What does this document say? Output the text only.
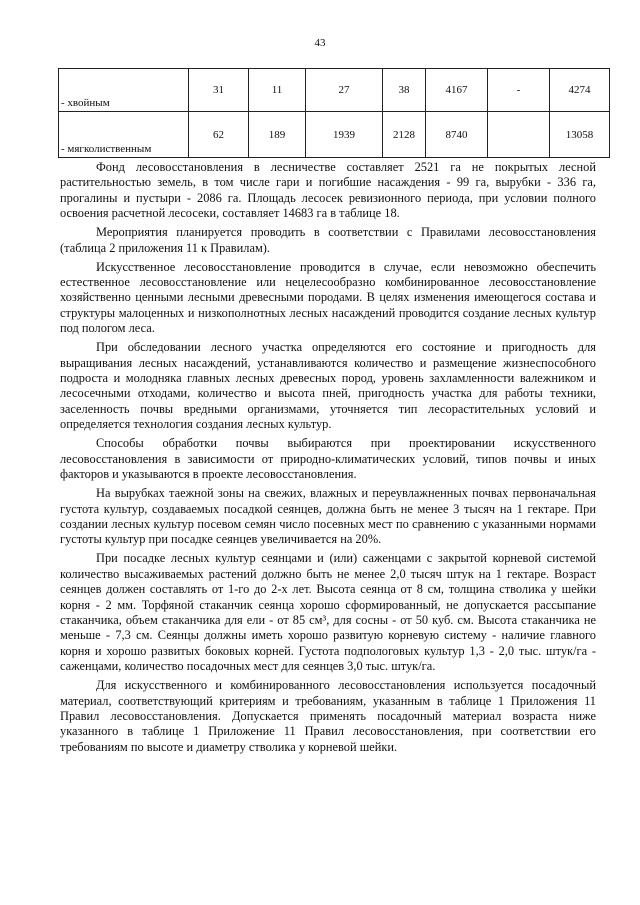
43
- хвойным	31	11	27	38	4167	-	4274
- мягколиственным	62	189	1939	2128	8740		13058

Фонд лесовосстановления в лесничестве составляет 2521 га не покрытых лесной растительностью земель, в том числе гари и погибшие насаждения - 99 га, вырубки - 336 га, прогалины и пустыри - 2086 га. Площадь лесосек ревизионного периода, при условии полного освоения расчетной лесосеки, составляет 14683 га в таблице 18.

Мероприятия планируется проводить в соответствии с Правилами лесовосстановления (таблица 2 приложения 11 к Правилам).

Искусственное лесовосстановление проводится в случае, если невозможно обеспечить естественное лесовосстановление или нецелесообразно комбинированное лесовосстановление хозяйственно ценными лесными древесными породами. В целях изменения имеющегося состава и структуры малоценных и низкополнотных лесных насаждений проводится создание лесных культур под пологом леса.

При обследовании лесного участка определяются его состояние и пригодность для выращивания лесных насаждений, устанавливаются количество и размещение жизнеспособного подроста и молодняка главных лесных древесных пород, уровень захламленности валежником и лесосечными отходами, количество и высота пней, пригодность участка для работы техники, заселенность почвы вредными организмами, уточняется тип лесорастительных условий и определяется технология создания лесных культур.

Способы обработки почвы выбираются при проектировании искусственного лесовосстановления в зависимости от природно-климатических условий, типов почвы и иных факторов и указываются в проекте лесовосстановления.

На вырубках таежной зоны на свежих, влажных и переувлажненных почвах первоначальная густота культур, создаваемых посадкой сеянцев, должна быть не менее 3 тысяч на 1 гектаре. При создании лесных культур посевом семян число посевных мест по сравнению с указанными нормами густоты культур при посадке сеянцев увеличивается на 20%.

При посадке лесных культур сеянцами и (или) саженцами с закрытой корневой системой количество высаживаемых растений должно быть не менее 2,0 тысяч штук на 1 гектаре. Возраст сеянцев должен составлять от 1-го до 2-х лет. Высота сеянца от 8 см, толщина стволика у шейки корня - 2 мм. Торфяной стаканчик сеянца хорошо сформированный, не допускается рассыпание стаканчика, объем стаканчика для ели - от 85 см³, для сосны - от 50 куб. см. Высота стаканчика не меньше - 7,3 см. Сеянцы должны иметь хорошо развитую корневую систему - наличие главного корня и хорошо развитых боковых корней. Густота подпологовых культур 1,3 - 2,0 тыс. штук/га - саженцами, количество посадочных мест для сеянцев 3,0 тыс. штук/га.

Для искусственного и комбинированного лесовосстановления используется посадочный материал, соответствующий критериям и требованиям, указанным в таблице 1 Приложения 11 Правил лесовосстановления. Допускается применять посадочный материал возраста ниже указанного в таблице 1 Приложение 11 Правил лесовосстановления, при соответствии его требованиям по высоте и диаметру стволика у корневой шейки.
